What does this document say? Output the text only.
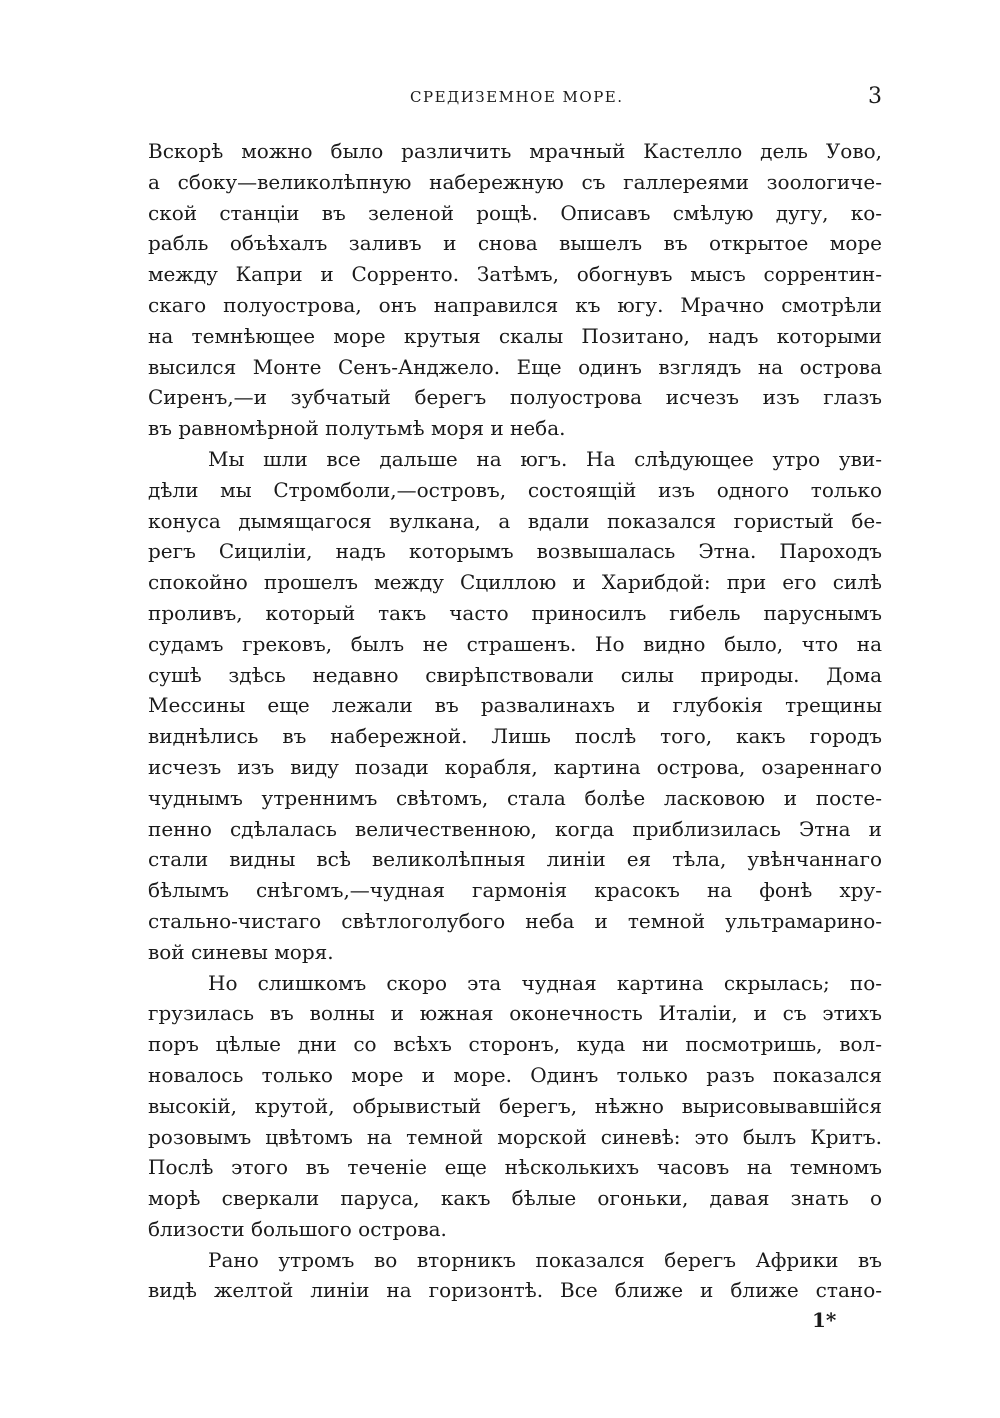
СРЕДИЗЕМНОЕ МОРЕ.	3
Вскорѣ можно было различить мрачный Кастелло дель Уово,
а сбоку—великолѣпную набережную съ галлереями зоологиче-
ской станціи въ зеленой рощѣ. Описавъ смѣлую дугу, ко-
рабль объѣхалъ заливъ и снова вышелъ въ открытое море
между Капри и Сорренто. Затѣмъ, обогнувъ мысъ соррентин-
скаго полуострова, онъ направился къ югу. Мрачно смотрѣли
на темнѣющее море крутыя скалы Позитано, надъ которыми
высился Монте Сенъ-Анджело. Еще одинъ взглядъ на острова
Сиренъ,—и зубчатый берегъ полуострова исчезъ изъ глазъ
въ равномѣрной полутьмѣ моря и неба.
Мы шли все дальше на югъ. На слѣдующее утро уви-
дѣли мы Стромболи,—островъ, состоящій изъ одного только
конуса дымящагося вулкана, а вдали показался гористый бе-
регъ Сициліи, надъ которымъ возвышалась Этна. Пароходъ
спокойно прошелъ между Сциллою и Харибдой: при его силѣ
проливъ, который такъ часто приносилъ гибель паруснымъ
судамъ грековъ, былъ не страшенъ. Но видно было, что на
сушѣ здѣсь недавно свирѣпствовали силы природы. Дома
Мессины еще лежали въ развалинахъ и глубокія трещины
виднѣлись въ набережной. Лишь послѣ того, какъ городъ
исчезъ изъ виду позади корабля, картина острова, озареннаго
чуднымъ утреннимъ свѣтомъ, стала болѣе ласковою и посте-
пенно сдѣлалась величественною, когда приблизилась Этна и
стали видны всѣ великолѣпныя линіи ея тѣла, увѣнчаннаго
бѣлымъ снѣгомъ,—чудная гармонія красокъ на фонѣ хру-
стально-чистаго свѣтлоголубого неба и темной ультрамарино-
вой синевы моря.
Но слишкомъ скоро эта чудная картина скрылась; по-
грузилась въ волны и южная оконечность Италіи, и съ этихъ
поръ цѣлые дни со всѣхъ сторонъ, куда ни посмотришь, вол-
новалось только море и море. Одинъ только разъ показался
высокій, крутой, обрывистый берегъ, нѣжно вырисовывавшійся
розовымъ цвѣтомъ на темной морской синевѣ: это былъ Критъ.
Послѣ этого въ теченіе еще нѣсколькихъ часовъ на темномъ
морѣ сверкали паруса, какъ бѣлые огоньки, давая знать о
близости большого острова.
Рано утромъ во вторникъ показался берегъ Африки въ
видѣ желтой линіи на горизонтѣ. Все ближе и ближе стано-
1*
